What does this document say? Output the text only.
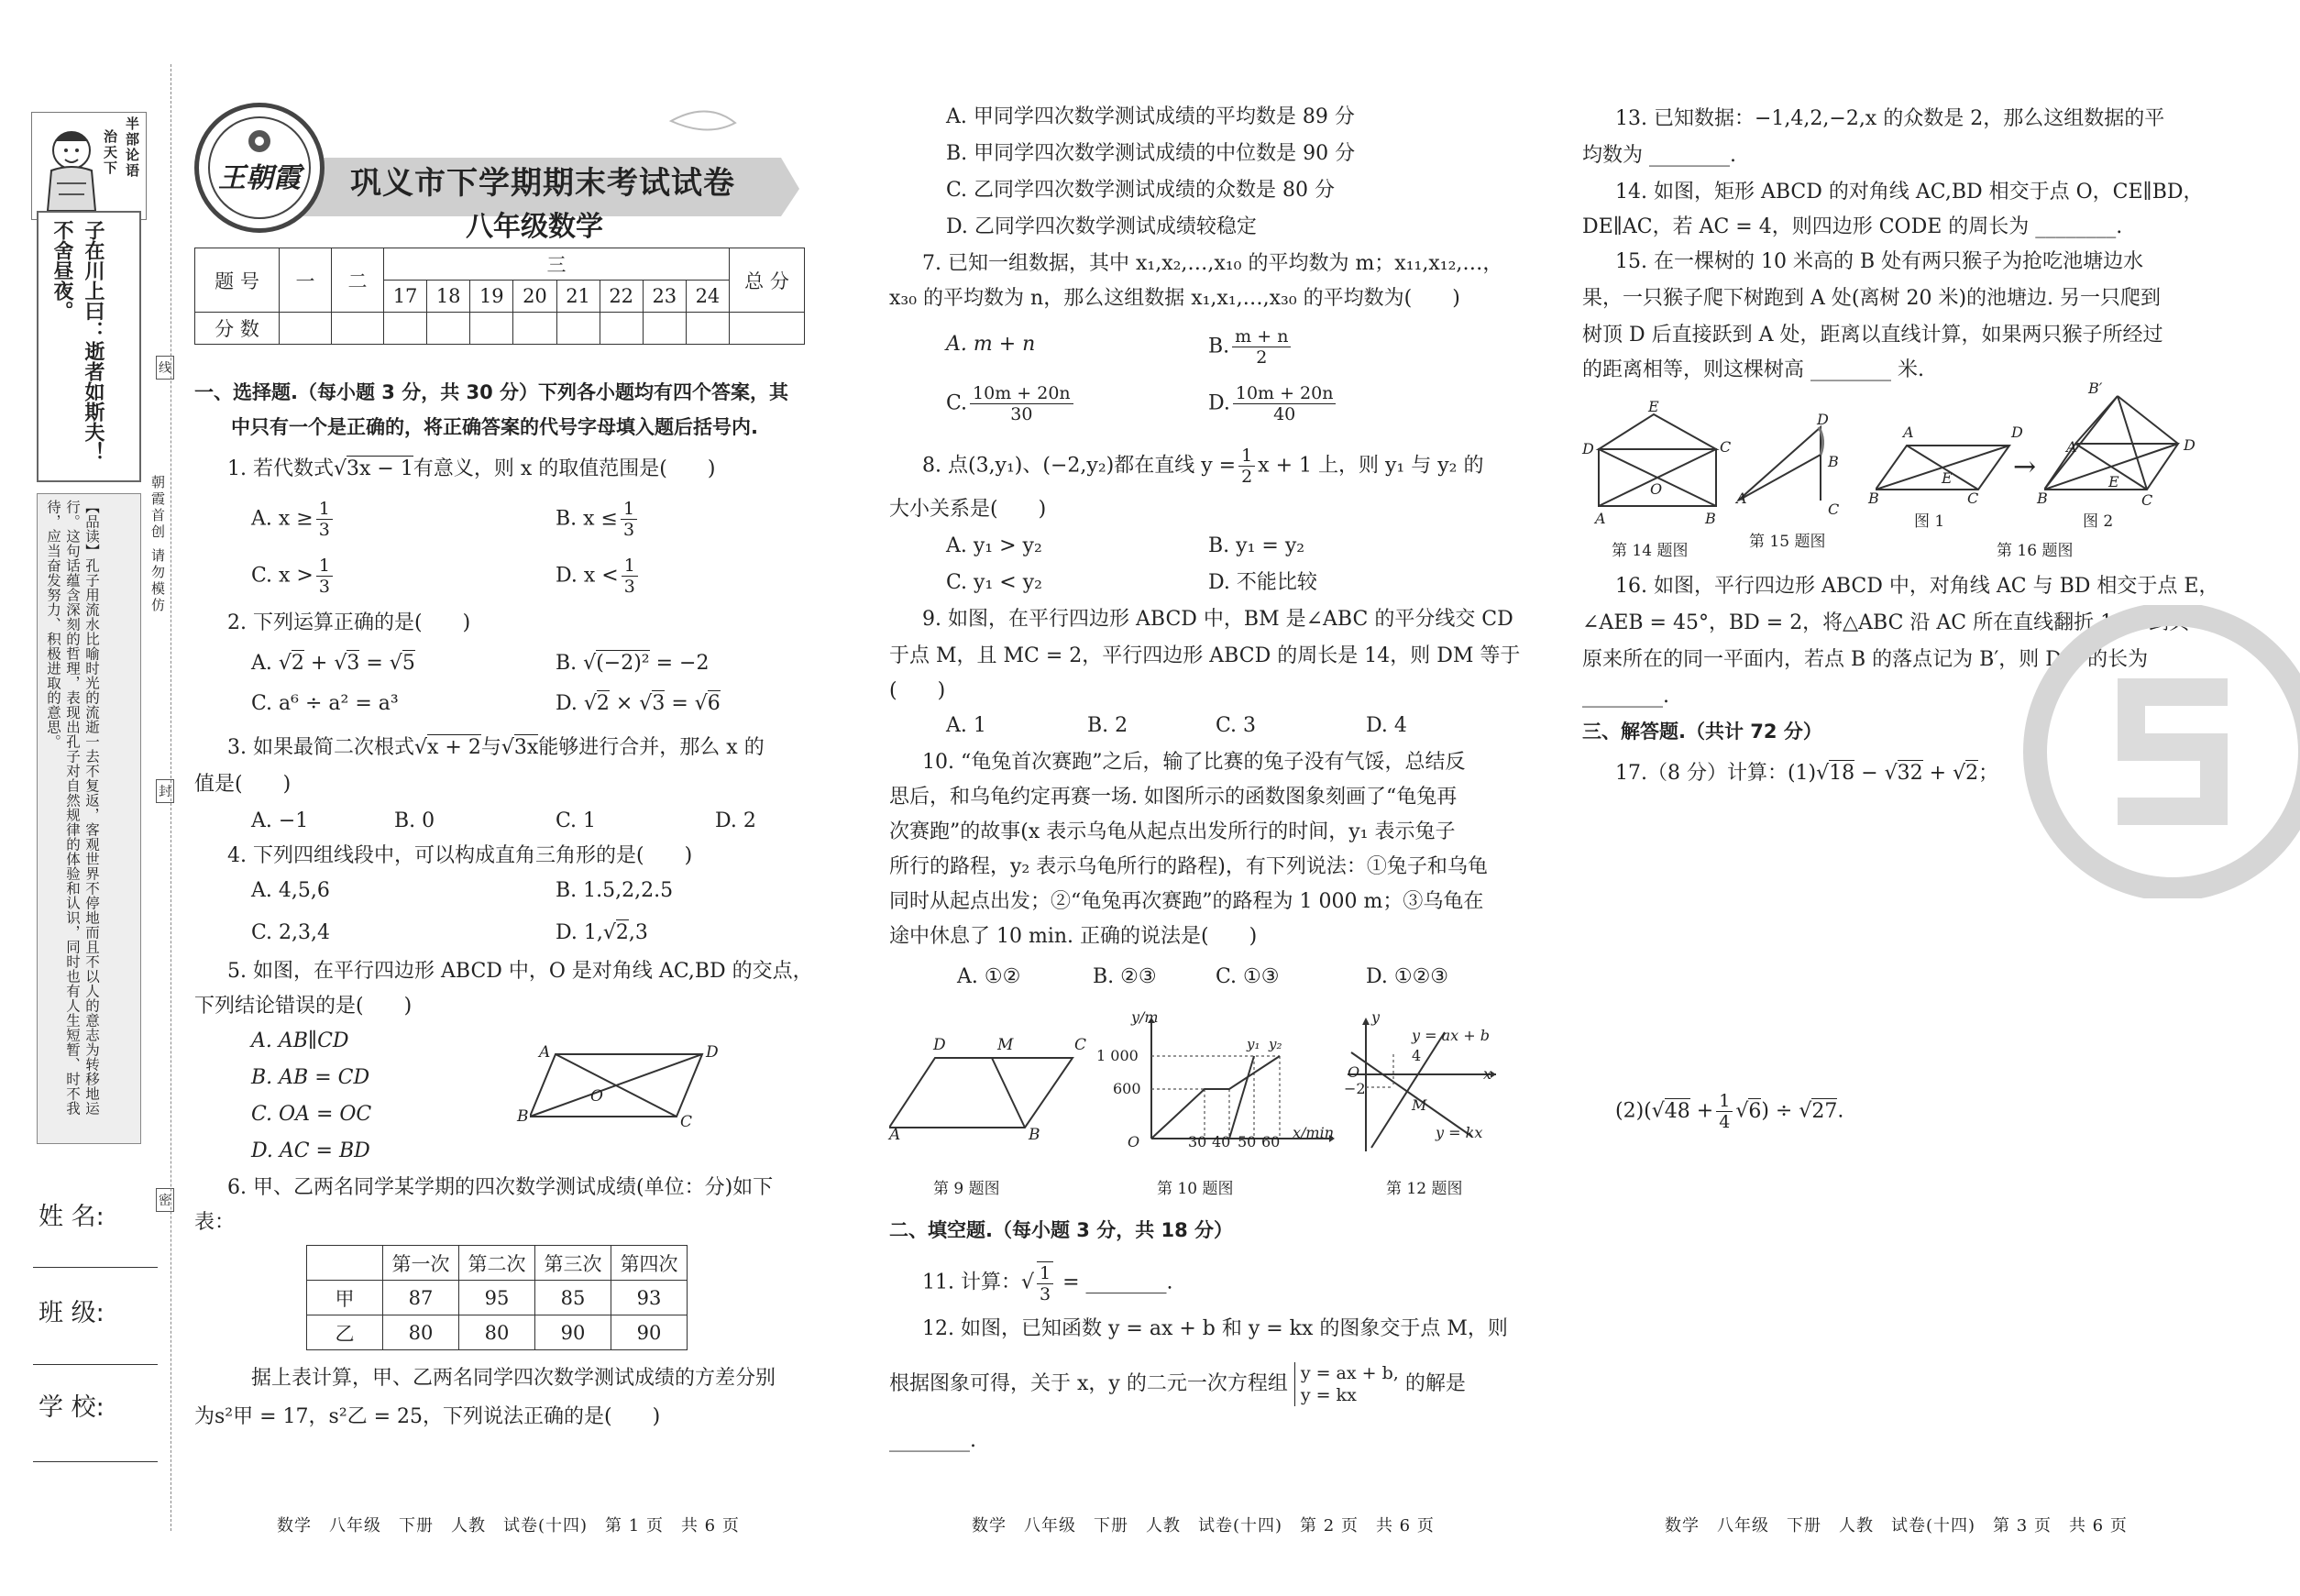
半部论语
治天下
子在川上曰：逝者如斯夫！不舍昼夜。
【品读】孔子用流水比喻时光的流逝一去不复返，客观世界不停地而且不以人的意志为转移地运行。这句话蕴含深刻的哲理，表现出孔子对自然规律的体验和认识，同时也有人生短暂、时不我待，应当奋发努力、积极进取的意思。	朝霞首创 请勿模仿
线
封
密
姓 名:
班 级:
学 校:
王朝霞	巩义市下学期期末考试试卷
八年级数学
题 号	一	二	三								总 分
			17	18	19	20	21	22	23	24	
分 数											
一、选择题.（每小题 3 分，共 30 分）下列各小题均有四个答案，其
中只有一个是正确的，将正确答案的代号字母填入题后括号内.
1. 若代数式√3x − 1有意义，则 x 的取值范围是(　　)
A. $x \ge \frac{1}{3}$	B. $x \le \frac{1}{3}$
C. $x > \frac{1}{3}$	D. $x < \frac{1}{3}$
2. 下列运算正确的是(　　)
A. √2 + √3 = √5	B. √(−2)² = −2
C. a⁶ ÷ a² = a³	D. √2 × √3 = √6
3. 如果最简二次根式√x + 2与√3x能够进行合并，那么 x 的
值是(　　)
A. −1	B. 0	C. 1	D. 2
4. 下列四组线段中，可以构成直角三角形的是(　　)
A. 4,5,6	B. 1.5,2,2.5
C. 2,3,4	D. 1,√2,3
5. 如图，在平行四边形 ABCD 中，O 是对角线 AC,BD 的交点，
下列结论错误的是(　　)
A. AB∥CD
B. AB = CD
C. OA = OC
D. AC = BD
A	D
O
B	C
6. 甲、乙两名同学某学期的四次数学测试成绩(单位：分)如下
表：
	第一次	第二次	第三次	第四次
甲	87	95	85	93
乙	80	80	90	90
据上表计算，甲、乙两名同学四次数学测试成绩的方差分别
为s²甲 = 17，s²乙 = 25，下列说法正确的是(　　)
数学　八年级　下册　人教　试卷(十四)　第 1 页　共 6 页
A. 甲同学四次数学测试成绩的平均数是 89 分
B. 甲同学四次数学测试成绩的中位数是 90 分
C. 乙同学四次数学测试成绩的众数是 80 分
D. 乙同学四次数学测试成绩较稳定
7. 已知一组数据，其中 x₁,x₂,…,x₁₀ 的平均数为 m；x₁₁,x₁₂,…，
x₃₀ 的平均数为 n，那么这组数据 x₁,x₁,…,x₃₀ 的平均数为(　　)
A. m + n	B. $\frac{m + n}{2}$
C. $\frac{10m + 20n}{30}$	D. $\frac{10m + 20n}{40}$
8. 点(3,y₁)、(−2,y₂)都在直线 $y = \frac{1}{2}$ x + 1 上，则 y₁ 与 y₂ 的
大小关系是(　　)
A. y₁ > y₂	B. y₁ = y₂
C. y₁ < y₂	D. 不能比较
9. 如图，在平行四边形 ABCD 中，BM 是∠ABC 的平分线交 CD
于点 M，且 MC = 2，平行四边形 ABCD 的周长是 14，则 DM 等于
(　　)
A. 1	B. 2	C. 3	D. 4
10. “龟兔首次赛跑”之后，输了比赛的兔子没有气馁，总结反
思后，和乌龟约定再赛一场. 如图所示的函数图象刻画了“龟兔再
次赛跑”的故事(x 表示乌龟从起点出发所行的时间，y₁ 表示兔子
所行的路程，y₂ 表示乌龟所行的路程)，有下列说法：①兔子和乌龟
同时从起点出发；②“龟兔再次赛跑”的路程为 1 000 m；③乌龟在
途中休息了 10 min. 正确的说法是(　　)
A. ①②	B. ②③	C. ①③	D. ①②③
D	M	C
A	B
第 9 题图
y/m
x/min
1 000
600
O	30 40 50 60
y₁ y₂
第 10 题图
y
x
y = ax + b
y = kx
4
−2
O
M
第 12 题图
二、填空题.（每小题 3 分，共 18 分）
11. 计算：√ $\frac{1}{3}$ = ________.
12. 如图，已知函数 y = ax + b 和 y = kx 的图象交于点 M，则
根据图象可得，关于 x，y 的二元一次方程组 y = ax + b,
y = kx	的解是
________.
数学　八年级　下册　人教　试卷(十四)　第 2 页　共 6 页
13. 已知数据：−1,4,2,−2,x 的众数是 2，那么这组数据的平
均数为 ________.
14. 如图，矩形 ABCD 的对角线 AC,BD 相交于点 O，CE∥BD，
DE∥AC，若 AC = 4，则四边形 CODE 的周长为 ________.
15. 在一棵树的 10 米高的 B 处有两只猴子为抢吃池塘边水
果，一只猴子爬下树跑到 A 处(离树 20 米)的池塘边. 另一只爬到
树顶 D 后直接跃到 A 处，距离以直线计算，如果两只猴子所经过
的距离相等，则这棵树高 ________ 米.
E
D	C
O
A	B
第 14 题图
D
B
A
C
第 15 题图
A	D
E
B	C
→
B′
A	D
E
B	C
图 1	图 2
第 16 题图
16. 如图，平行四边形 ABCD 中，对角线 AC 与 BD 相交于点 E，
∠AEB = 45°，BD = 2，将△ABC 沿 AC 所在直线翻折 180°到其
原来所在的同一平面内，若点 B 的落点记为 B′，则 DB′ 的长为
________.
三、解答题.（共计 72 分）
17.（8 分）计算：(1)√18 − √32 + √2；
$(2)(√48 + \frac{1}{4} √6) \div √27$.
数学　八年级　下册　人教　试卷(十四)　第 3 页　共 6 页
